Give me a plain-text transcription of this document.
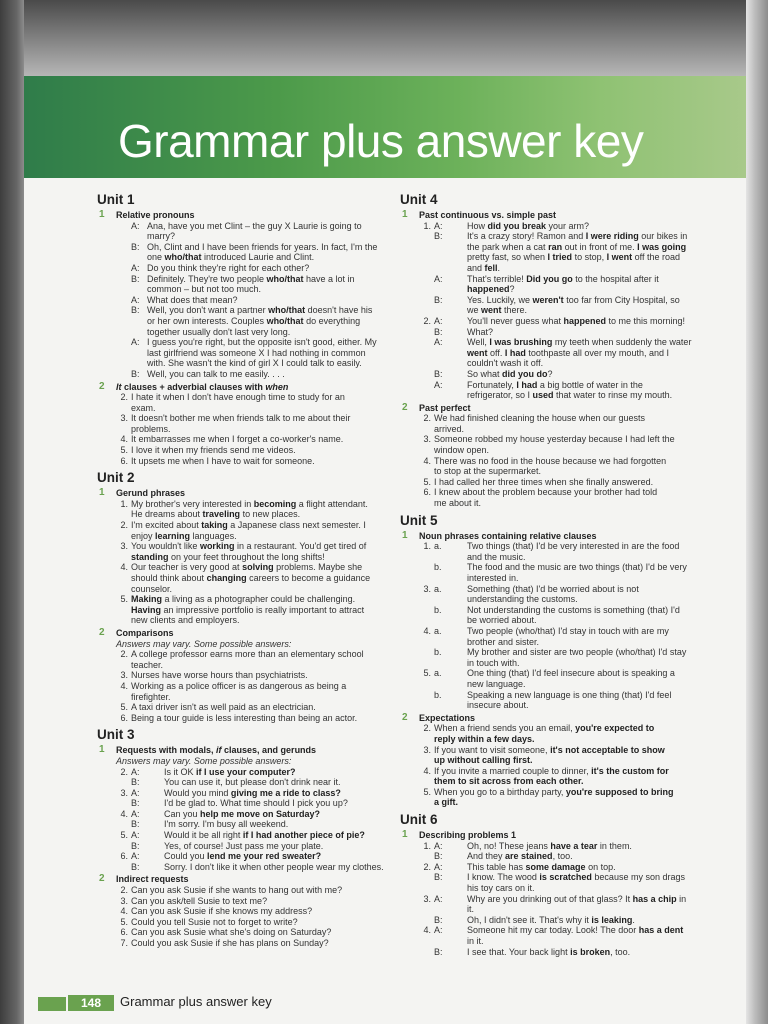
Grammar plus answer key
Unit 1
1 Relative pronouns
A: Ana, have you met Clint – the guy X Laurie is going to
marry?
B: Oh, Clint and I have been friends for years. In fact, I'm the
one who/that introduced Laurie and Clint.
A: Do you think they're right for each other?
B: Definitely. They're two people who/that have a lot in
common – but not too much.
A: What does that mean?
B: Well, you don't want a partner who/that doesn't have his
or her own interests. Couples who/that do everything
together usually don't last very long.
A: I guess you're right, but the opposite isn't good, either. My
last girlfriend was someone X I had nothing in common
with. She wasn't the kind of girl X I could talk to easily.
B: Well, you can talk to me easily. . . .
2 It clauses + adverbial clauses with when
2. I hate it when I don't have enough time to study for an
exam.
3. It doesn't bother me when friends talk to me about their
problems.
4. It embarrasses me when I forget a co-worker's name.
5. I love it when my friends send me videos.
6. It upsets me when I have to wait for someone.
Unit 2
1 Gerund phrases
1. My brother's very interested in becoming a flight attendant.
He dreams about traveling to new places.
2. I'm excited about taking a Japanese class next semester. I
enjoy learning languages.
3. You wouldn't like working in a restaurant. You'd get tired of
standing on your feet throughout the long shifts!
4. Our teacher is very good at solving problems. Maybe she
should think about changing careers to become a guidance
counselor.
5. Making a living as a photographer could be challenging.
Having an impressive portfolio is really important to attract
new clients and employers.
2 Comparisons
Answers may vary. Some possible answers:
2. A college professor earns more than an elementary school
teacher.
3. Nurses have worse hours than psychiatrists.
4. Working as a police officer is as dangerous as being a
firefighter.
5. A taxi driver isn't as well paid as an electrician.
6. Being a tour guide is less interesting than being an actor.
Unit 3
1 Requests with modals, if clauses, and gerunds
Answers may vary. Some possible answers:
2. A:	Is it OK if I use your computer?
B:	You can use it, but please don't drink near it.
3. A:	Would you mind giving me a ride to class?
B:	I'd be glad to. What time should I pick you up?
4. A:	Can you help me move on Saturday?
B:	I'm sorry. I'm busy all weekend.
5. A:	Would it be all right if I had another piece of pie?
B:	Yes, of course! Just pass me your plate.
6. A:	Could you lend me your red sweater?
B:	Sorry. I don't like it when other people wear my clothes.
2 Indirect requests
2. Can you ask Susie if she wants to hang out with me?
3. Can you ask/tell Susie to text me?
4. Can you ask Susie if she knows my address?
5. Could you tell Susie not to forget to write?
6. Can you ask Susie what she's doing on Saturday?
7. Could you ask Susie if she has plans on Sunday?
Unit 4
1 Past continuous vs. simple past
1. A:	How did you break your arm?
B:	It's a crazy story! Ramon and I were riding our bikes in
the park when a cat ran out in front of me. I was going
pretty fast, so when I tried to stop, I went off the road
and fell.
A:	That's terrible! Did you go to the hospital after it
happened?
B:	Yes. Luckily, we weren't too far from City Hospital, so
we went there.
2. A:	You'll never guess what happened to me this morning!
B:	What?
A:	Well, I was brushing my teeth when suddenly the water
went off. I had toothpaste all over my mouth, and I
couldn't wash it off.
B:	So what did you do?
A:	Fortunately, I had a big bottle of water in the
refrigerator, so I used that water to rinse my mouth.
2 Past perfect
2. We had finished cleaning the house when our guests
arrived.
3. Someone robbed my house yesterday because I had left the
window open.
4. There was no food in the house because we had forgotten
to stop at the supermarket.
5. I had called her three times when she finally answered.
6. I knew about the problem because your brother had told
me about it.
Unit 5
1 Noun phrases containing relative clauses
1. a.	Two things (that) I'd be very interested in are the food
and the music.
b.	The food and the music are two things (that) I'd be very
interested in.
3. a.	Something (that) I'd be worried about is not
understanding the customs.
b.	Not understanding the customs is something (that) I'd
be worried about.
4. a.	Two people (who/that) I'd stay in touch with are my
brother and sister.
b.	My brother and sister are two people (who/that) I'd stay
in touch with.
5. a.	One thing (that) I'd feel insecure about is speaking a
new language.
b.	Speaking a new language is one thing (that) I'd feel
insecure about.
2 Expectations
2. When a friend sends you an email, you're expected to
reply within a few days.
3. If you want to visit someone, it's not acceptable to show
up without calling first.
4. If you invite a married couple to dinner, it's the custom for
them to sit across from each other.
5. When you go to a birthday party, you're supposed to bring
a gift.
Unit 6
1 Describing problems 1
1. A:	Oh, no! These jeans have a tear in them.
B:	And they are stained, too.
2. A:	This table has some damage on top.
B:	I know. The wood is scratched because my son drags
his toy cars on it.
3. A:	Why are you drinking out of that glass? It has a chip in
it.
B:	Oh, I didn't see it. That's why it is leaking.
4. A:	Someone hit my car today. Look! The door has a dent
in it.
B:	I see that. Your back light is broken, too.
148	Grammar plus answer key
